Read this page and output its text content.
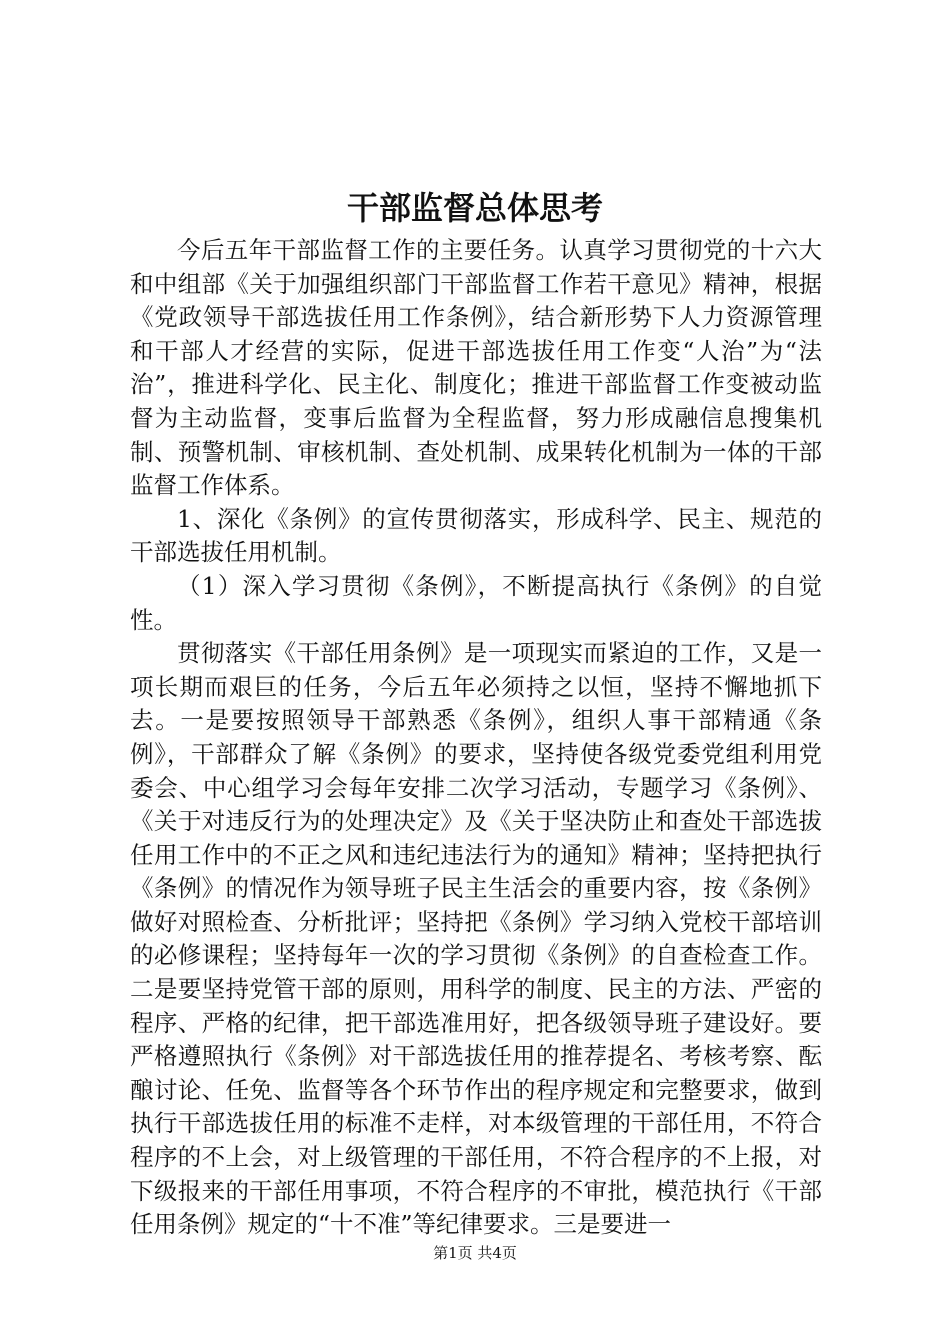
干部监督总体思考

今后五年干部监督工作的主要任务。认真学习贯彻党的十六大和中组部《关于加强组织部门干部监督工作若干意见》精神，根据《党政领导干部选拔任用工作条例》，结合新形势下人力资源管理和干部人才经营的实际，促进干部选拔任用工作变“人治”为“法治”，推进科学化、民主化、制度化；推进干部监督工作变被动监督为主动监督，变事后监督为全程监督，努力形成融信息搜集机制、预警机制、审核机制、查处机制、成果转化机制为一体的干部监督工作体系。

1、深化《条例》的宣传贯彻落实，形成科学、民主、规范的干部选拔任用机制。

（1）深入学习贯彻《条例》，不断提高执行《条例》的自觉性。

贯彻落实《干部任用条例》是一项现实而紧迫的工作，又是一项长期而艰巨的任务，今后五年必须持之以恒，坚持不懈地抓下去。一是要按照领导干部熟悉《条例》，组织人事干部精通《条例》，干部群众了解《条例》的要求，坚持使各级党委党组利用党委会、中心组学习会每年安排二次学习活动，专题学习《条例》、《关于对违反行为的处理决定》及《关于坚决防止和查处干部选拔任用工作中的不正之风和违纪违法行为的通知》精神；坚持把执行《条例》的情况作为领导班子民主生活会的重要内容，按《条例》做好对照检查、分析批评；坚持把《条例》学习纳入党校干部培训的必修课程；坚持每年一次的学习贯彻《条例》的自查检查工作。二是要坚持党管干部的原则，用科学的制度、民主的方法、严密的程序、严格的纪律，把干部选准用好，把各级领导班子建设好。要严格遵照执行《条例》对干部选拔任用的推荐提名、考核考察、酝酿讨论、任免、监督等各个环节作出的程序规定和完整要求，做到执行干部选拔任用的标准不走样，对本级管理的干部任用，不符合程序的不上会，对上级管理的干部任用，不符合程序的不上报，对下级报来的干部任用事项，不符合程序的不审批，模范执行《干部任用条例》规定的“十不准”等纪律要求。三是要进一

第1页 共4页
